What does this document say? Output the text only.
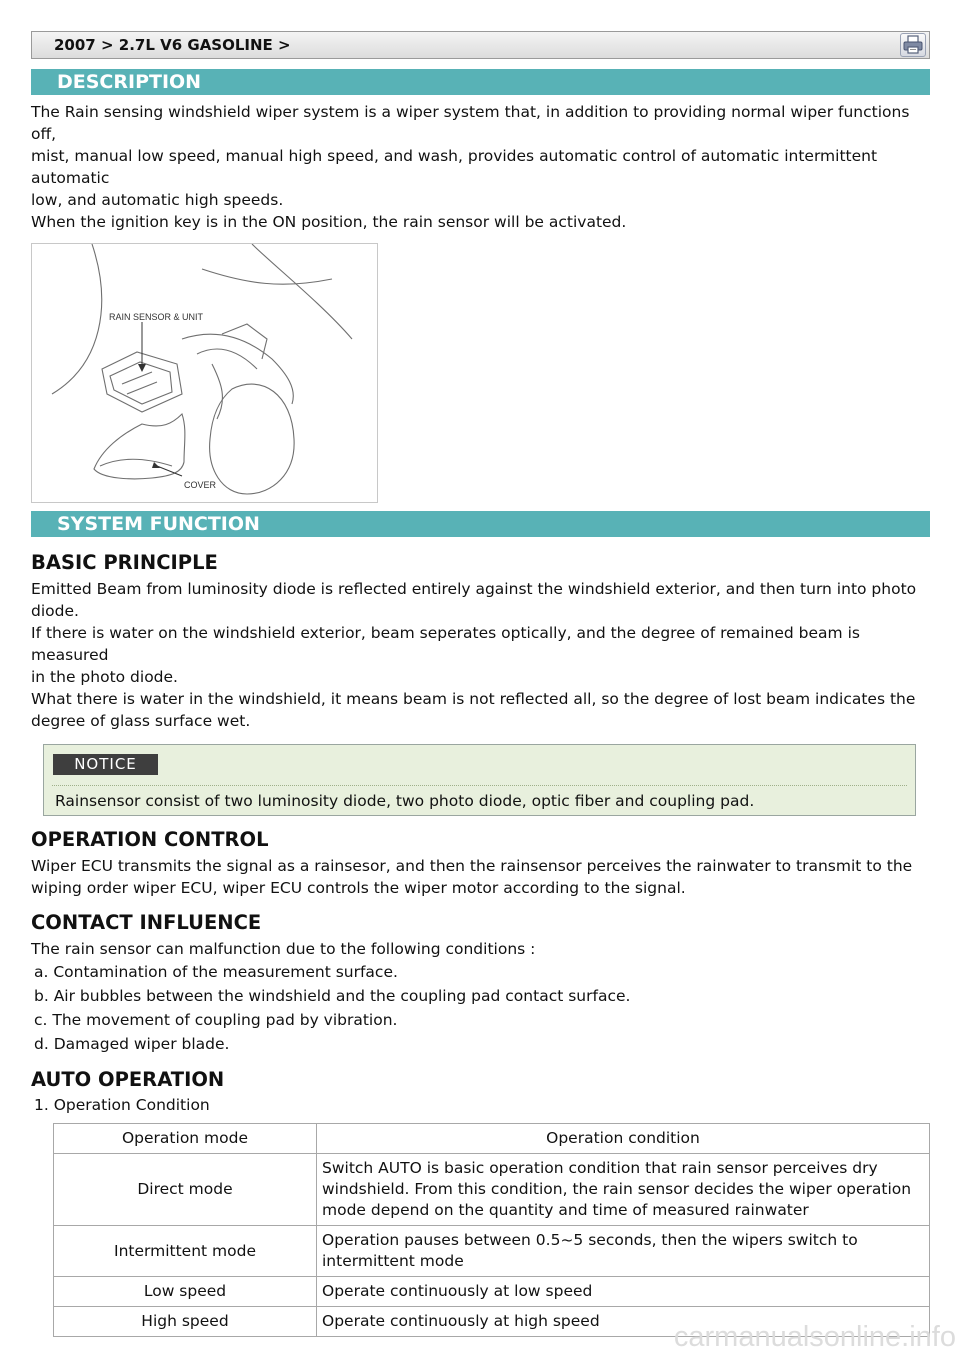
2007 > 2.7L V6 GASOLINE >
DESCRIPTION

The Rain sensing windshield wiper system is a wiper system that, in addition to providing normal wiper functions off,

mist, manual low speed, manual high speed, and wash, provides automatic control of automatic intermittent automatic

low, and automatic high speeds.

When the ignition key is in the ON position, the rain sensor will be activated.

RAIN SENSOR & UNIT
COVER
SYSTEM FUNCTION
BASIC PRINCIPLE

Emitted Beam from luminosity diode is reflected entirely against the windshield exterior, and then turn into photo diode.

If there is water on the windshield exterior, beam seperates optically, and the degree of remained beam is measured

in the photo diode.

What there is water in the windshield, it means beam is not reflected all, so the degree of lost beam indicates the

degree of glass surface wet.

NOTICE
Rainsensor consist of two luminosity diode, two photo diode, optic fiber and coupling pad.
OPERATION CONTROL

Wiper ECU transmits the signal as a rainsesor, and then the rainsensor perceives the rainwater to transmit to the

wiping order wiper ECU, wiper ECU controls the wiper motor according to the signal.

CONTACT INFLUENCE

The rain sensor can malfunction due to the following conditions :

a. Contamination of the measurement surface.
b. Air bubbles between the windshield and the coupling pad contact surface.
c. The movement of coupling pad by vibration.
d. Damaged wiper blade.
AUTO OPERATION

1. Operation Condition

Operation mode	Operation condition
Direct mode	Switch AUTO is basic operation condition that rain sensor perceives dry windshield. From this condition, the rain sensor decides the wiper operation mode depend on the quantity and time of measured rainwater
Intermittent mode	Operation pauses between 0.5~5 seconds, then the wipers switch to intermittent mode
Low speed	Operate continuously at low speed
High speed	Operate continuously at high speed	carmanualsonline.info
